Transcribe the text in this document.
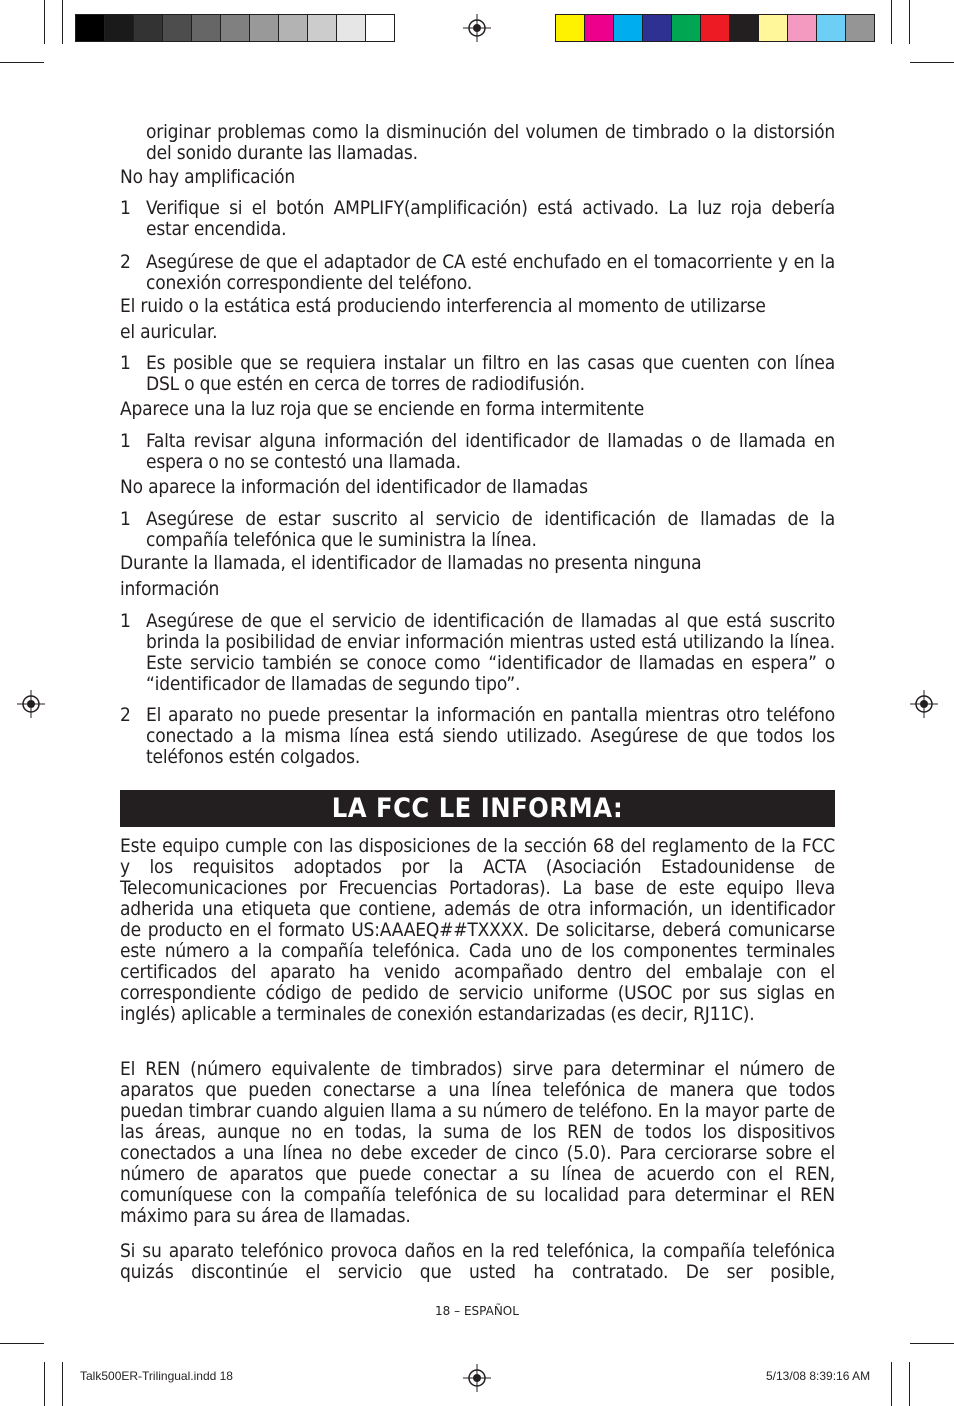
originar problemas como la disminución del volumen de timbrado o la distorsión del sonido durante las llamadas.
No hay amplificación
1 Verifique si el botón AMPLIFY(amplificación) está activado. La luz roja debería estar encendida.
2 Asegúrese de que el adaptador de CA esté enchufado en el tomacorriente y en la conexión correspondiente del teléfono.
El ruido o la estática está produciendo interferencia al momento de utilizarse
el auricular.
1 Es posible que se requiera instalar un filtro en las casas que cuenten con línea DSL o que estén en cerca de torres de radiodifusión.
Aparece una la luz roja que se enciende en forma intermitente
1 Falta revisar alguna información del identificador de llamadas o de llamada en espera o no se contestó una llamada.
No aparece la información del identificador de llamadas
1 Asegúrese de estar suscrito al servicio de identificación de llamadas de la compañía telefónica que le suministra la línea.
Durante la llamada, el identificador de llamadas no presenta ninguna
información
1 Asegúrese de que el servicio de identificación de llamadas al que está suscrito brinda la posibilidad de enviar información mientras usted está utilizando la línea. Este servicio también se conoce como “identificador de llamadas en espera” o “identificador de llamadas de segundo tipo”.
2 El aparato no puede presentar la información en pantalla mientras otro teléfono conectado a la misma línea está siendo utilizado. Asegúrese de que todos los teléfonos estén colgados.
LA FCC LE INFORMA:
Este equipo cumple con las disposiciones de la sección 68 del reglamento de la FCC y los requisitos adoptados por la ACTA (Asociación Estadounidense de Telecomunicaciones por Frecuencias Portadoras). La base de este equipo lleva adherida una etiqueta que contiene, además de otra información, un identificador de producto en el formato US:AAAEQ##TXXXX. De solicitarse, deberá comunicarse este número a la compañía telefónica. Cada uno de los componentes terminales certificados del aparato ha venido acompañado dentro del embalaje con el correspondiente código de pedido de servicio uniforme (USOC por sus siglas en inglés) aplicable a terminales de conexión estandarizadas (es decir, RJ11C).
El REN (número equivalente de timbrados) sirve para determinar el número de aparatos que pueden conectarse a una línea telefónica de manera que todos puedan timbrar cuando alguien llama a su número de teléfono. En la mayor parte de las áreas, aunque no en todas, la suma de los REN de todos los dispositivos conectados a una línea no debe exceder de cinco (5.0). Para cerciorarse sobre el número de aparatos que puede conectar a su línea de acuerdo con el REN, comuníquese con la compañía telefónica de su localidad para determinar el REN máximo para su área de llamadas.
Si su aparato telefónico provoca daños en la red telefónica, la compañía telefónica quizás discontinúe el servicio que usted ha contratado. De ser posible,
18 – ESPAÑOL
Talk500ER-Trilingual.indd 18	5/13/08 8:39:16 AM
